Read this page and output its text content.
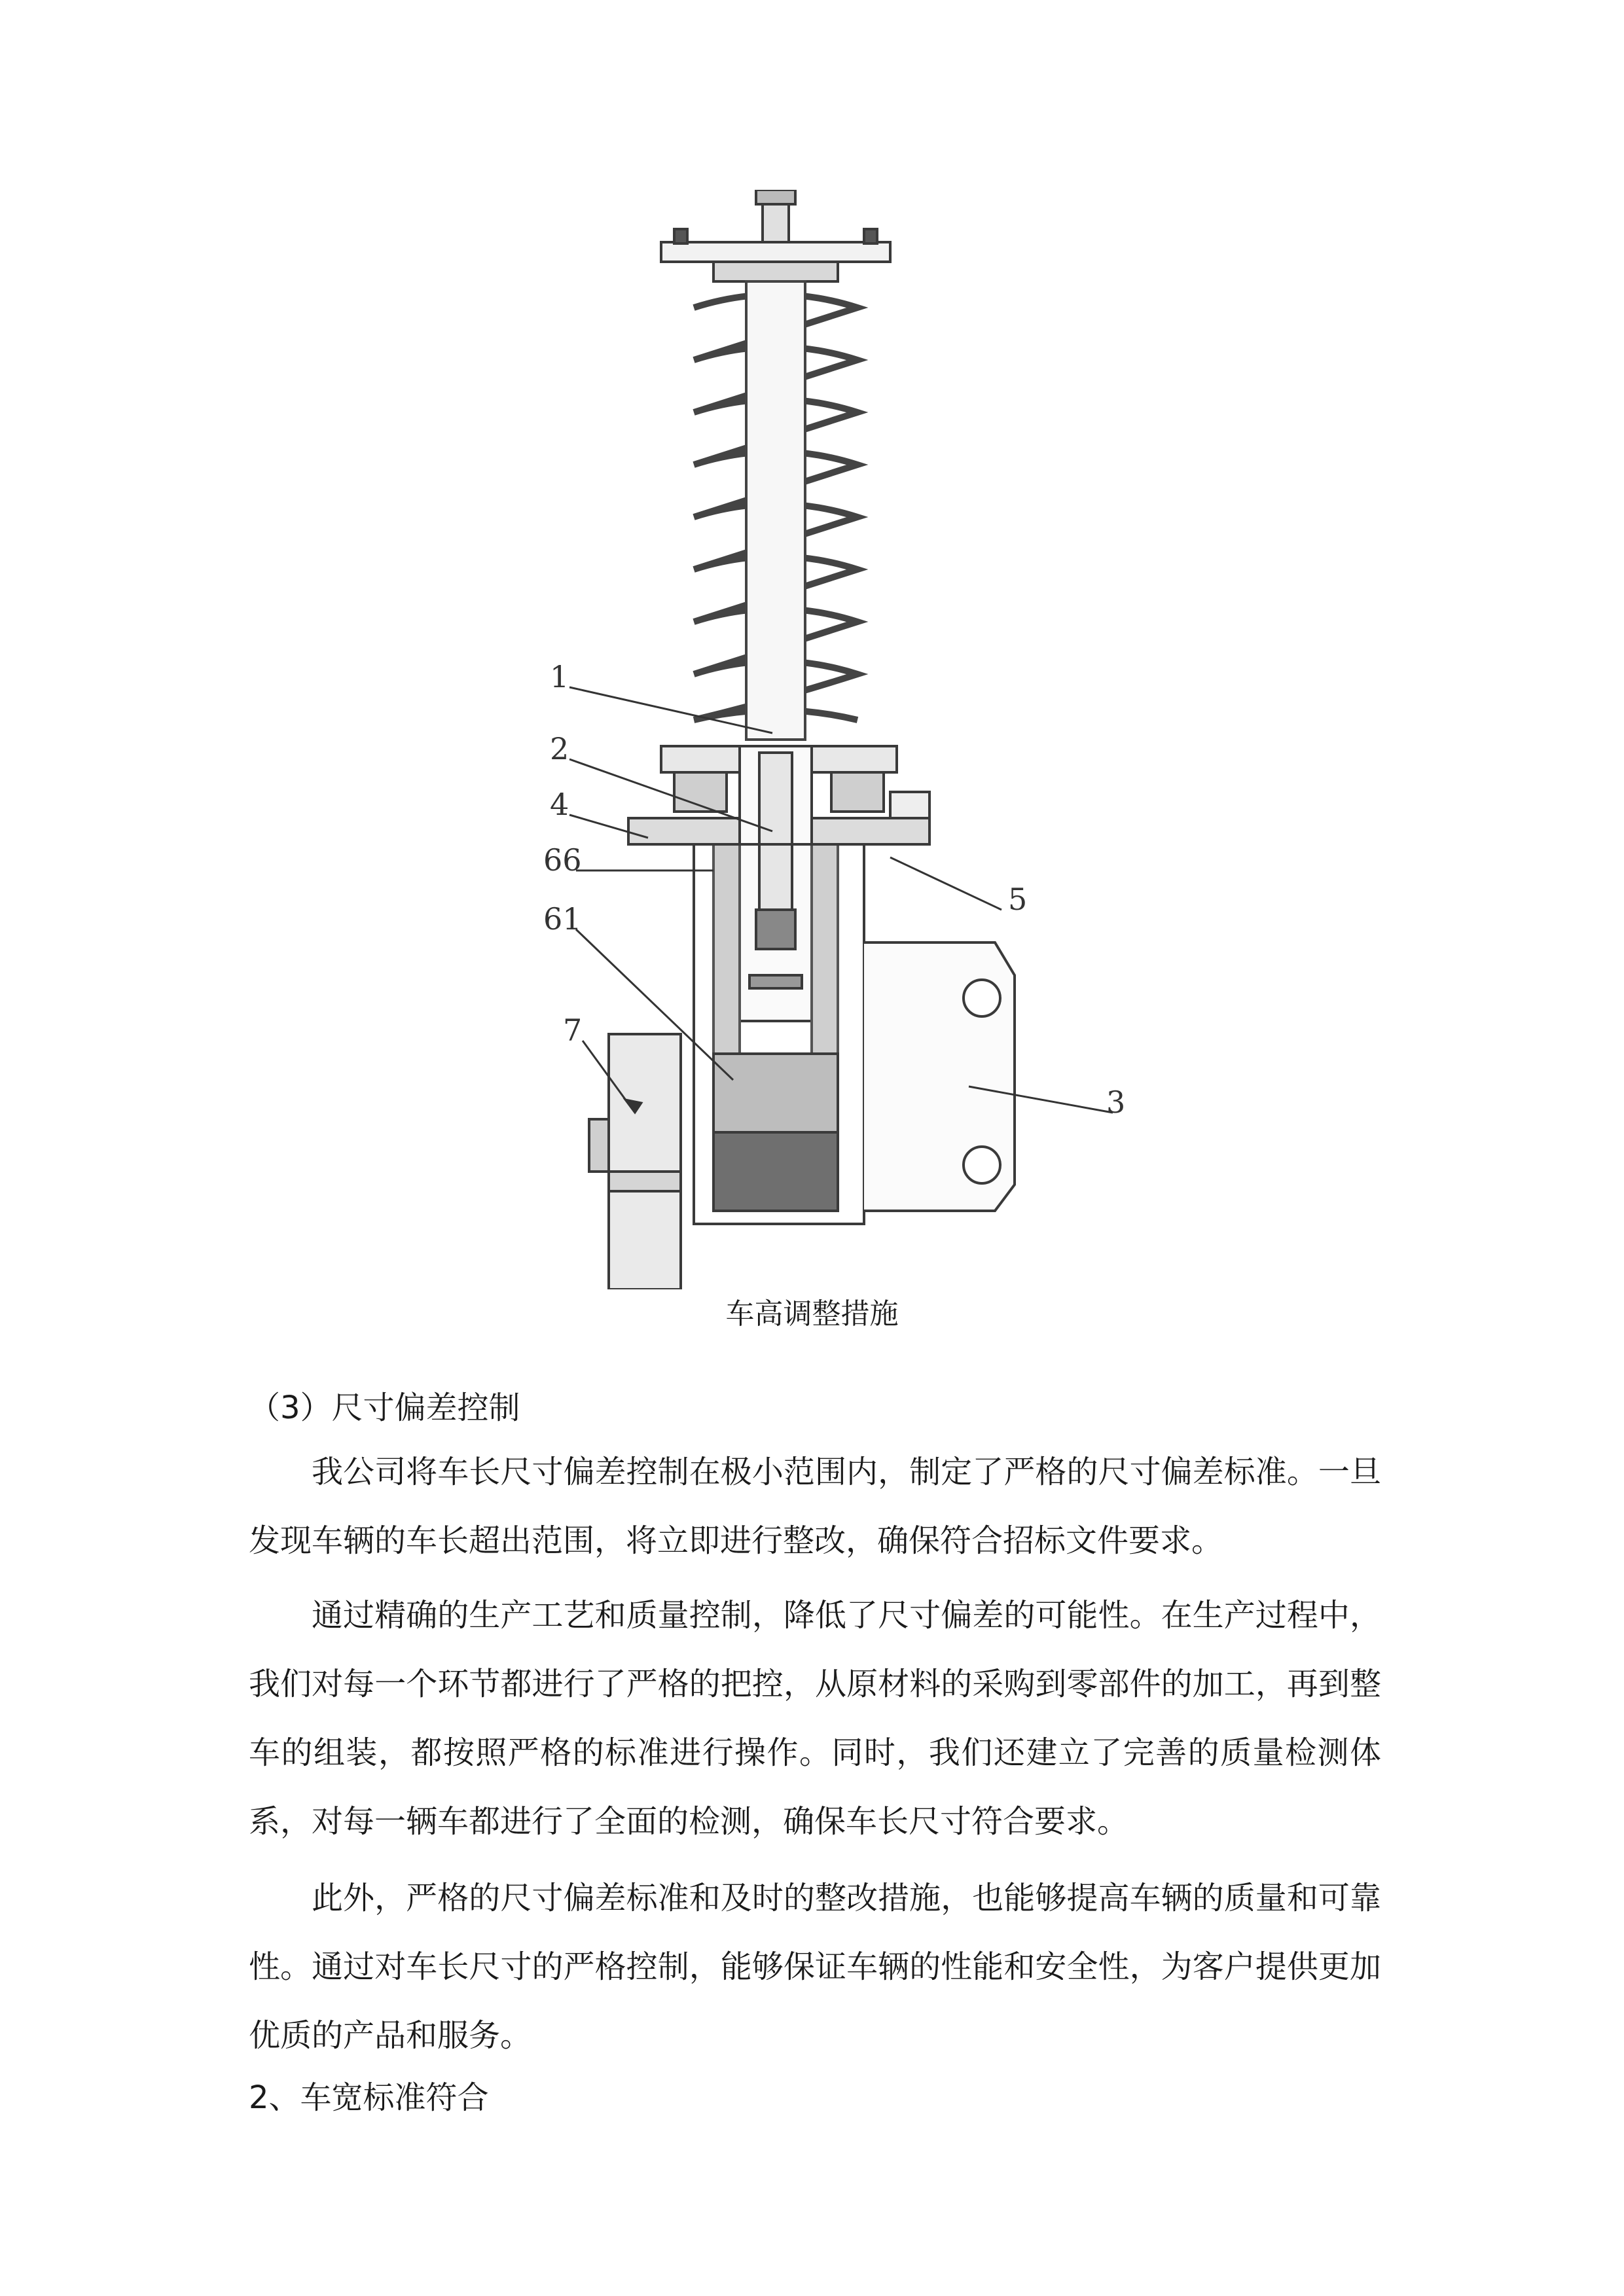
1
2
4
66
61
7
5
3
车高调整措施
（3）尺寸偏差控制

我公司将车长尺寸偏差控制在极小范围内，制定了严格的尺寸偏差标准。一旦发现车辆的车长超出范围，将立即进行整改，确保符合招标文件要求。

通过精确的生产工艺和质量控制，降低了尺寸偏差的可能性。在生产过程中，我们对每一个环节都进行了严格的把控，从原材料的采购到零部件的加工，再到整车的组装，都按照严格的标准进行操作。同时，我们还建立了完善的质量检测体系，对每一辆车都进行了全面的检测，确保车长尺寸符合要求。

此外，严格的尺寸偏差标准和及时的整改措施，也能够提高车辆的质量和可靠性。通过对车长尺寸的严格控制，能够保证车辆的性能和安全性，为客户提供更加优质的产品和服务。

2、车宽标准符合
